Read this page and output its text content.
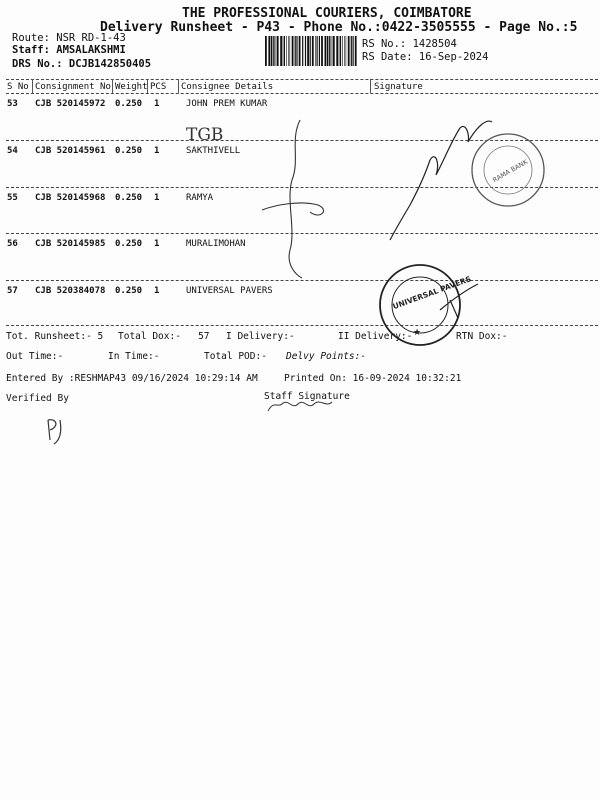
THE PROFESSIONAL COURIERS, COIMBATORE
Delivery Runsheet - P43 - Phone No.:0422-3505555 - Page No.:5
Route: NSR RD-1-43
Staff: AMSALAKSHMI
DRS No.: DCJB142850405
RS No.: 1428504
RS Date: 16-Sep-2024
S No Consignment No Weight PCS Consignee Details	Signature
53 CJB 520145972 0.250 1	JOHN PREM KUMAR
54 CJB 520145961 0.250 1	SAKTHIVELL
55 CJB 520145968 0.250 1	RAMYA
56 CJB 520145985 0.250 1	MURALIMOHAN
57 CJB 520384078 0.250 1	UNIVERSAL PAVERS
Tot. Runsheet:- 5 Total Dox:-   57 I Delivery:-	II Delivery:-	RTN Dox:-
Out Time:-	In Time:-	Total POD:- Delvy Points:-
Entered By :RESHMAP43 09/16/2024 10:29:14 AM	Printed On: 16-09-2024 10:32:21
Verified By	Staff Signature
TGB
RAMA BANK
UNIVERSAL PAVERS
★
